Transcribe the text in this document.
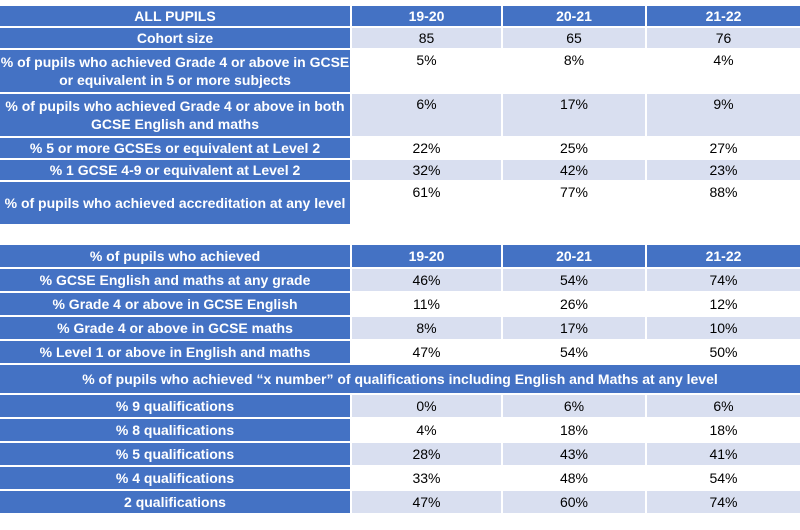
ALL PUPILS	19-20	20-21	21-22
Cohort size	85	65	76
% of pupils who achieved Grade 4 or above in GCSE or equivalent in 5 or more subjects	5%	8%	4%
% of pupils who achieved Grade 4 or above in both GCSE English and maths	6%	17%	9%
% 5 or more GCSEs or equivalent at Level 2	22%	25%	27%
% 1 GCSE 4-9 or equivalent at Level 2	32%	42%	23%
% of pupils who achieved accreditation at any level	61%	77%	88%
% of pupils who achieved	19-20	20-21	21-22
% GCSE English and maths at any grade	46%	54%	74%
% Grade 4 or above in GCSE English	11%	26%	12%
% Grade 4 or above in GCSE maths	8%	17%	10%
% Level 1 or above in English and maths	47%	54%	50%
% of pupils who achieved “x number” of qualifications including English and Maths at any level			
% 9 qualifications	0%	6%	6%
% 8 qualifications	4%	18%	18%
% 5 qualifications	28%	43%	41%
% 4 qualifications	33%	48%	54%
2 qualifications	47%	60%	74%
